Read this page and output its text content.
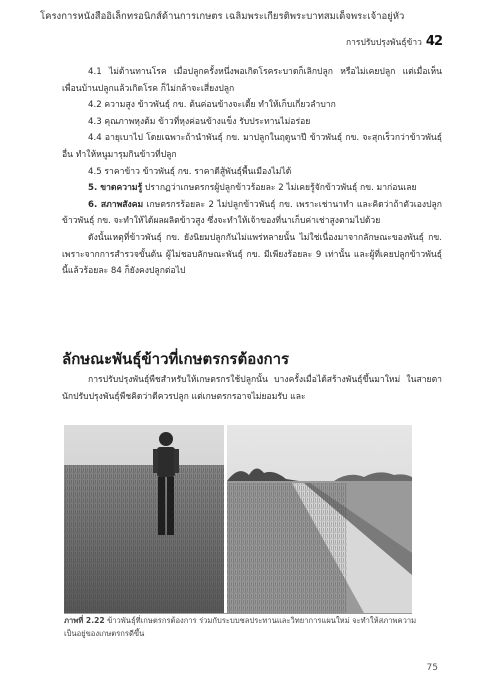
โครงการหนังสืออิเล็กทรอนิกส์ด้านการเกษตร เฉลิมพระเกียรติพระบาทสมเด็จพระเจ้าอยู่หัว
การปรับปรุงพันธุ์ข้าว 42

4.1 ไม่ต้านทานโรค เมื่อปลูกครั้งหนึ่งพอเกิดโรคระบาดก็เลิกปลูก หรือไม่เคยปลูก แต่เมื่อเห็นเพื่อนบ้านปลูกแล้วเกิดโรค ก็ไม่กล้าจะเสี่ยงปลูก

4.2 ความสูง ข้าวพันธุ์ กข. ต้นค่อนข้างจะเตี้ย ทำให้เก็บเกี่ยวลำบาก

4.3 คุณภาพหุงต้ม ข้าวที่หุงค่อนข้างแข็ง รับประทานไม่อร่อย

4.4 อายุเบาไป โดยเฉพาะถ้านำพันธุ์ กข. มาปลูกในฤดูนาปี ข้าวพันธุ์ กข. จะสุกเร็วกว่าข้าวพันธุ์อื่น ทำให้หนูมารุมกินข้าวที่ปลูก

4.5 ราคาข้าว ข้าวพันธุ์ กข. ราคาดีสู้พันธุ์พื้นเมืองไม่ได้

5. ขาดความรู้ ปรากฏว่าเกษตรกรผู้ปลูกข้าวร้อยละ 2 ไม่เคยรู้จักข้าวพันธุ์ กข. มาก่อนเลย

6. สภาพสังคม เกษตรกรร้อยละ 2 ไม่ปลูกข้าวพันธุ์ กข. เพราะเช่านาทำ และคิดว่าถ้าตัวเองปลูกข้าวพันธุ์ กข. จะทำให้ได้ผลผลิตข้าวสูง ซึ่งจะทำให้เจ้าของที่นาเก็บค่าเช่าสูงตามไปด้วย

ดังนั้นเหตุที่ข้าวพันธุ์ กข. ยังนิยมปลูกกันไม่แพร่หลายนั้น ไม่ใช่เนื่องมาจากลักษณะของพันธุ์ กข. เพราะจากการสำรวจขั้นต้น ผู้ไม่ชอบลักษณะพันธุ์ กข. มีเพียงร้อยละ 9 เท่านั้น และผู้ที่เคยปลูกข้าวพันธุ์นี้แล้วร้อยละ 84 ก็ยังคงปลูกต่อไป

ลักษณะพันธุ์ข้าวที่เกษตรกรต้องการ

การปรับปรุงพันธุ์พืชสำหรับให้เกษตรกรใช้ปลูกนั้น บางครั้งเมื่อได้สร้างพันธุ์ขึ้นมาใหม่ ในสายตานักปรับปรุงพันธุ์พืชคิดว่าดีควรปลูก แต่เกษตรกรอาจไม่ยอมรับ และ

ภาพที่ 2.22 ข้าวพันธุ์ที่เกษตรกรต้องการ ร่วมกับระบบชลประทานและวิทยาการแผนใหม่ จะทำให้สภาพความเป็นอยู่ของเกษตรกรดีขึ้น

75
